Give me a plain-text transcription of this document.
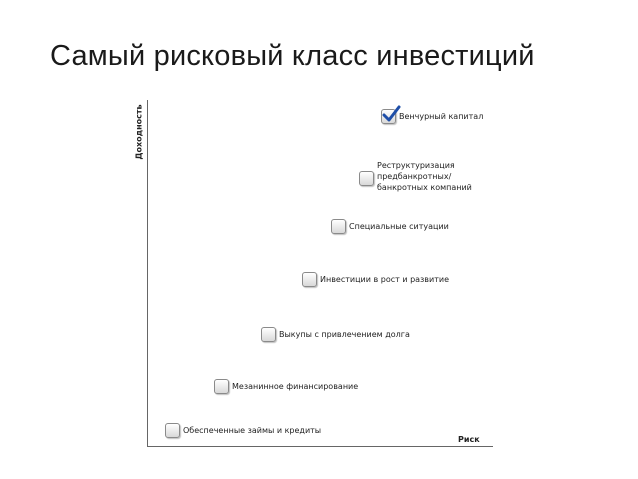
Самый рисковый класс инвестиций
Доходность
Риск
Венчурный капитал
Реструктуризация
предбанкротных/
банкротных компаний
Специальные ситуации
Инвестиции в рост и развитие
Выкупы с привлечением долга
Мезанинное финансирование
Обеспеченные займы и кредиты
